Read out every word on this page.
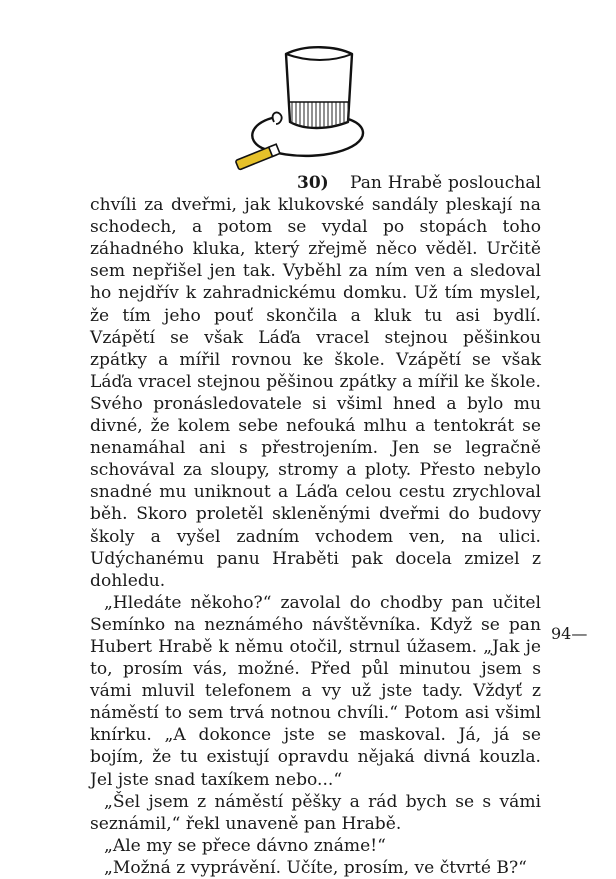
30)	Pan Hrabě poslouchal chvíli za dveřmi, jak klukovské sandály pleskají na schodech, a potom se vydal po stopách toho záhadného kluka, který zřejmě něco věděl. Určitě sem nepřišel jen tak. Vyběhl za ním ven a sledoval ho nejdřív k zahradnickému domku. Už tím myslel, že tím jeho pouť skončila a kluk tu asi bydlí. Vzápětí se však Láďa vracel stejnou pěšinkou zpátky a mířil rovnou ke škole. Vzápětí se však Láďa vracel stejnou pěšinou zpátky a mířil ke škole. Svého pronásledovatele si všiml hned a bylo mu divné, že kolem sebe nefouká mlhu a tentokrát se nenamáhal ani s přestrojením. Jen se legračně schovával za sloupy, stromy a ploty. Přesto nebylo snadné mu uniknout a Láďa celou cestu zrychloval běh. Skoro proletěl skleněnými dveřmi do budovy školy a vyšel zadním vchodem ven, na ulici. Udýchanému panu Hraběti pak docela zmizel z dohledu.

„Hledáte někoho?“ zavolal do chodby pan učitel Semínko na neznámého návštěvníka. Když se pan Hubert Hrabě k němu otočil, strnul úžasem. „Jak je to, prosím vás, možné. Před půl minutou jsem s vámi mluvil telefonem a vy už jste tady. Vždyť z náměstí to sem trvá notnou chvíli.“ Potom asi všiml knírku. „A dokonce jste se maskoval. Já, já se bojím, že tu existují opravdu nějaká divná kouzla. Jel jste snad taxíkem nebo...“

„Šel jsem z náměstí pěšky a rád bych se s vámi seznámil,“ řekl unaveně pan Hrabě.

„Ale my se přece dávno známe!“

„Možná z vyprávění. Učíte, prosím, ve čtvrté B?“

94—
